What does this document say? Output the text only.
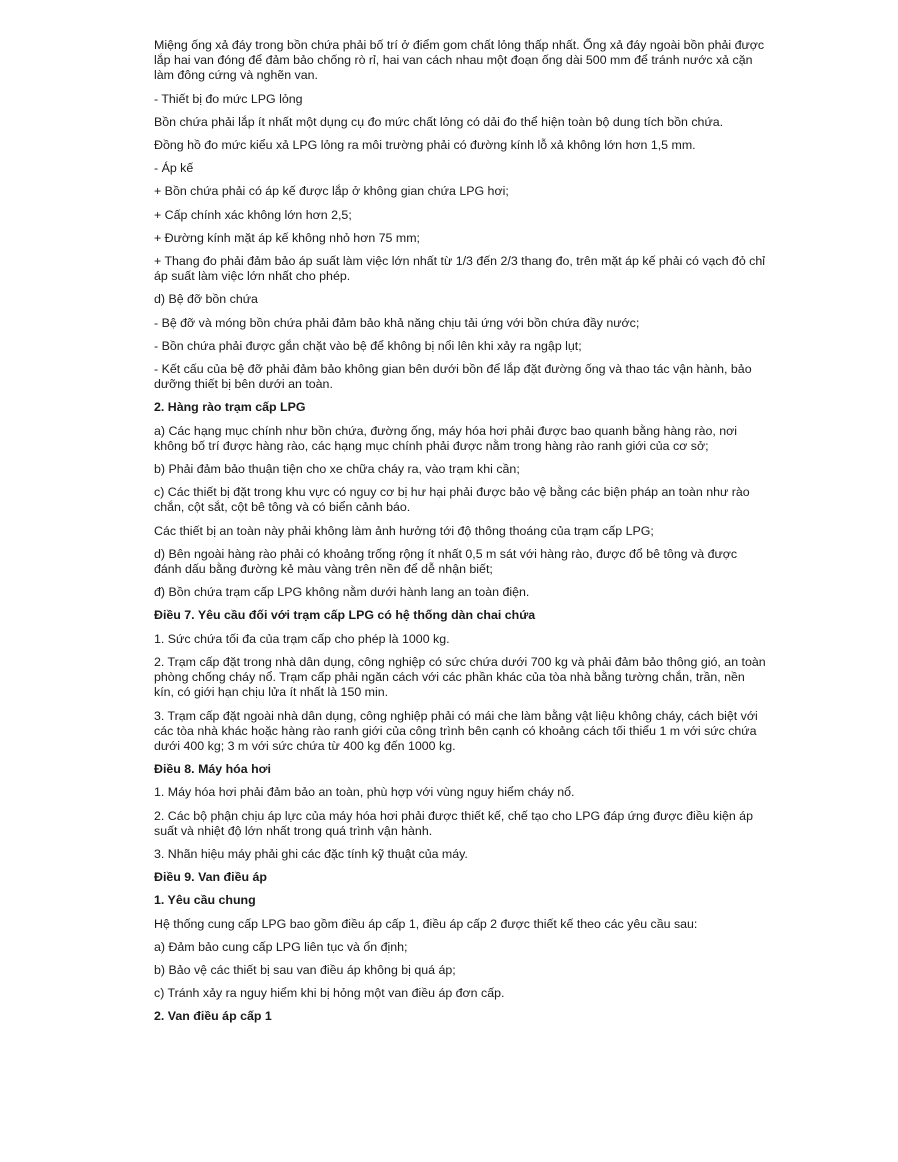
Miệng ống xả đáy trong bồn chứa phải bố trí ở điểm gom chất lỏng thấp nhất. Ống xả đáy ngoài bồn phải được lắp hai van đóng để đảm bảo chống rò rỉ, hai van cách nhau một đoạn ống dài 500 mm để tránh nước xả cặn làm đông cứng và nghẽn van.

- Thiết bị đo mức LPG lỏng

Bồn chứa phải lắp ít nhất một dụng cụ đo mức chất lỏng có dải đo thể hiện toàn bộ dung tích bồn chứa.

Đồng hồ đo mức kiểu xả LPG lỏng ra môi trường phải có đường kính lỗ xả không lớn hơn 1,5 mm.

- Áp kế

+ Bồn chứa phải có áp kế được lắp ở không gian chứa LPG hơi;

+ Cấp chính xác không lớn hơn 2,5;

+ Đường kính mặt áp kế không nhỏ hơn 75 mm;

+ Thang đo phải đảm bảo áp suất làm việc lớn nhất từ 1/3 đến 2/3 thang đo, trên mặt áp kế phải có vạch đỏ chỉ áp suất làm việc lớn nhất cho phép.

d) Bệ đỡ bồn chứa

- Bệ đỡ và móng bồn chứa phải đảm bảo khả năng chịu tải ứng với bồn chứa đầy nước;

- Bồn chứa phải được gắn chặt vào bệ để không bị nổi lên khi xảy ra ngập lụt;

- Kết cấu của bệ đỡ phải đảm bảo không gian bên dưới bồn để lắp đặt đường ống và thao tác vận hành, bảo dưỡng thiết bị bên dưới an toàn.

2. Hàng rào trạm cấp LPG

a) Các hạng mục chính như bồn chứa, đường ống, máy hóa hơi phải được bao quanh bằng hàng rào, nơi không bố trí được hàng rào, các hạng mục chính phải được nằm trong hàng rào ranh giới của cơ sở;

b) Phải đảm bảo thuận tiện cho xe chữa cháy ra, vào trạm khi cần;

c) Các thiết bị đặt trong khu vực có nguy cơ bị hư hại phải được bảo vệ bằng các biện pháp an toàn như rào chắn, cột sắt, cột bê tông và có biển cảnh báo.

Các thiết bị an toàn này phải không làm ảnh hưởng tới độ thông thoáng của trạm cấp LPG;

d) Bên ngoài hàng rào phải có khoảng trống rộng ít nhất 0,5 m sát với hàng rào, được đổ bê tông và được đánh dấu bằng đường kẻ màu vàng trên nền để dễ nhận biết;

đ) Bồn chứa trạm cấp LPG không nằm dưới hành lang an toàn điện.

Điều 7. Yêu cầu đối với trạm cấp LPG có hệ thống dàn chai chứa

1. Sức chứa tối đa của trạm cấp cho phép là 1000 kg.

2. Trạm cấp đặt trong nhà dân dụng, công nghiệp có sức chứa dưới 700 kg và phải đảm bảo thông gió, an toàn phòng chống cháy nổ. Trạm cấp phải ngăn cách với các phần khác của tòa nhà bằng tường chắn, trần, nền kín, có giới hạn chịu lửa ít nhất là 150 min.

3. Trạm cấp đặt ngoài nhà dân dụng, công nghiệp phải có mái che làm bằng vật liệu không cháy, cách biệt với các tòa nhà khác hoặc hàng rào ranh giới của công trình bên cạnh có khoảng cách tối thiểu 1 m với sức chứa dưới 400 kg; 3 m với sức chứa từ 400 kg đến 1000 kg.

Điều 8. Máy hóa hơi

1. Máy hóa hơi phải đảm bảo an toàn, phù hợp với vùng nguy hiểm cháy nổ.

2. Các bộ phận chịu áp lực của máy hóa hơi phải được thiết kế, chế tạo cho LPG đáp ứng được điều kiện áp suất và nhiệt độ lớn nhất trong quá trình vận hành.

3. Nhãn hiệu máy phải ghi các đặc tính kỹ thuật của máy.

Điều 9. Van điều áp

1. Yêu cầu chung

Hệ thống cung cấp LPG bao gồm điều áp cấp 1, điều áp cấp 2 được thiết kế theo các yêu cầu sau:

a) Đảm bảo cung cấp LPG liên tục và ổn định;

b) Bảo vệ các thiết bị sau van điều áp không bị quá áp;

c) Tránh xảy ra nguy hiểm khi bị hỏng một van điều áp đơn cấp.

2. Van điều áp cấp 1
